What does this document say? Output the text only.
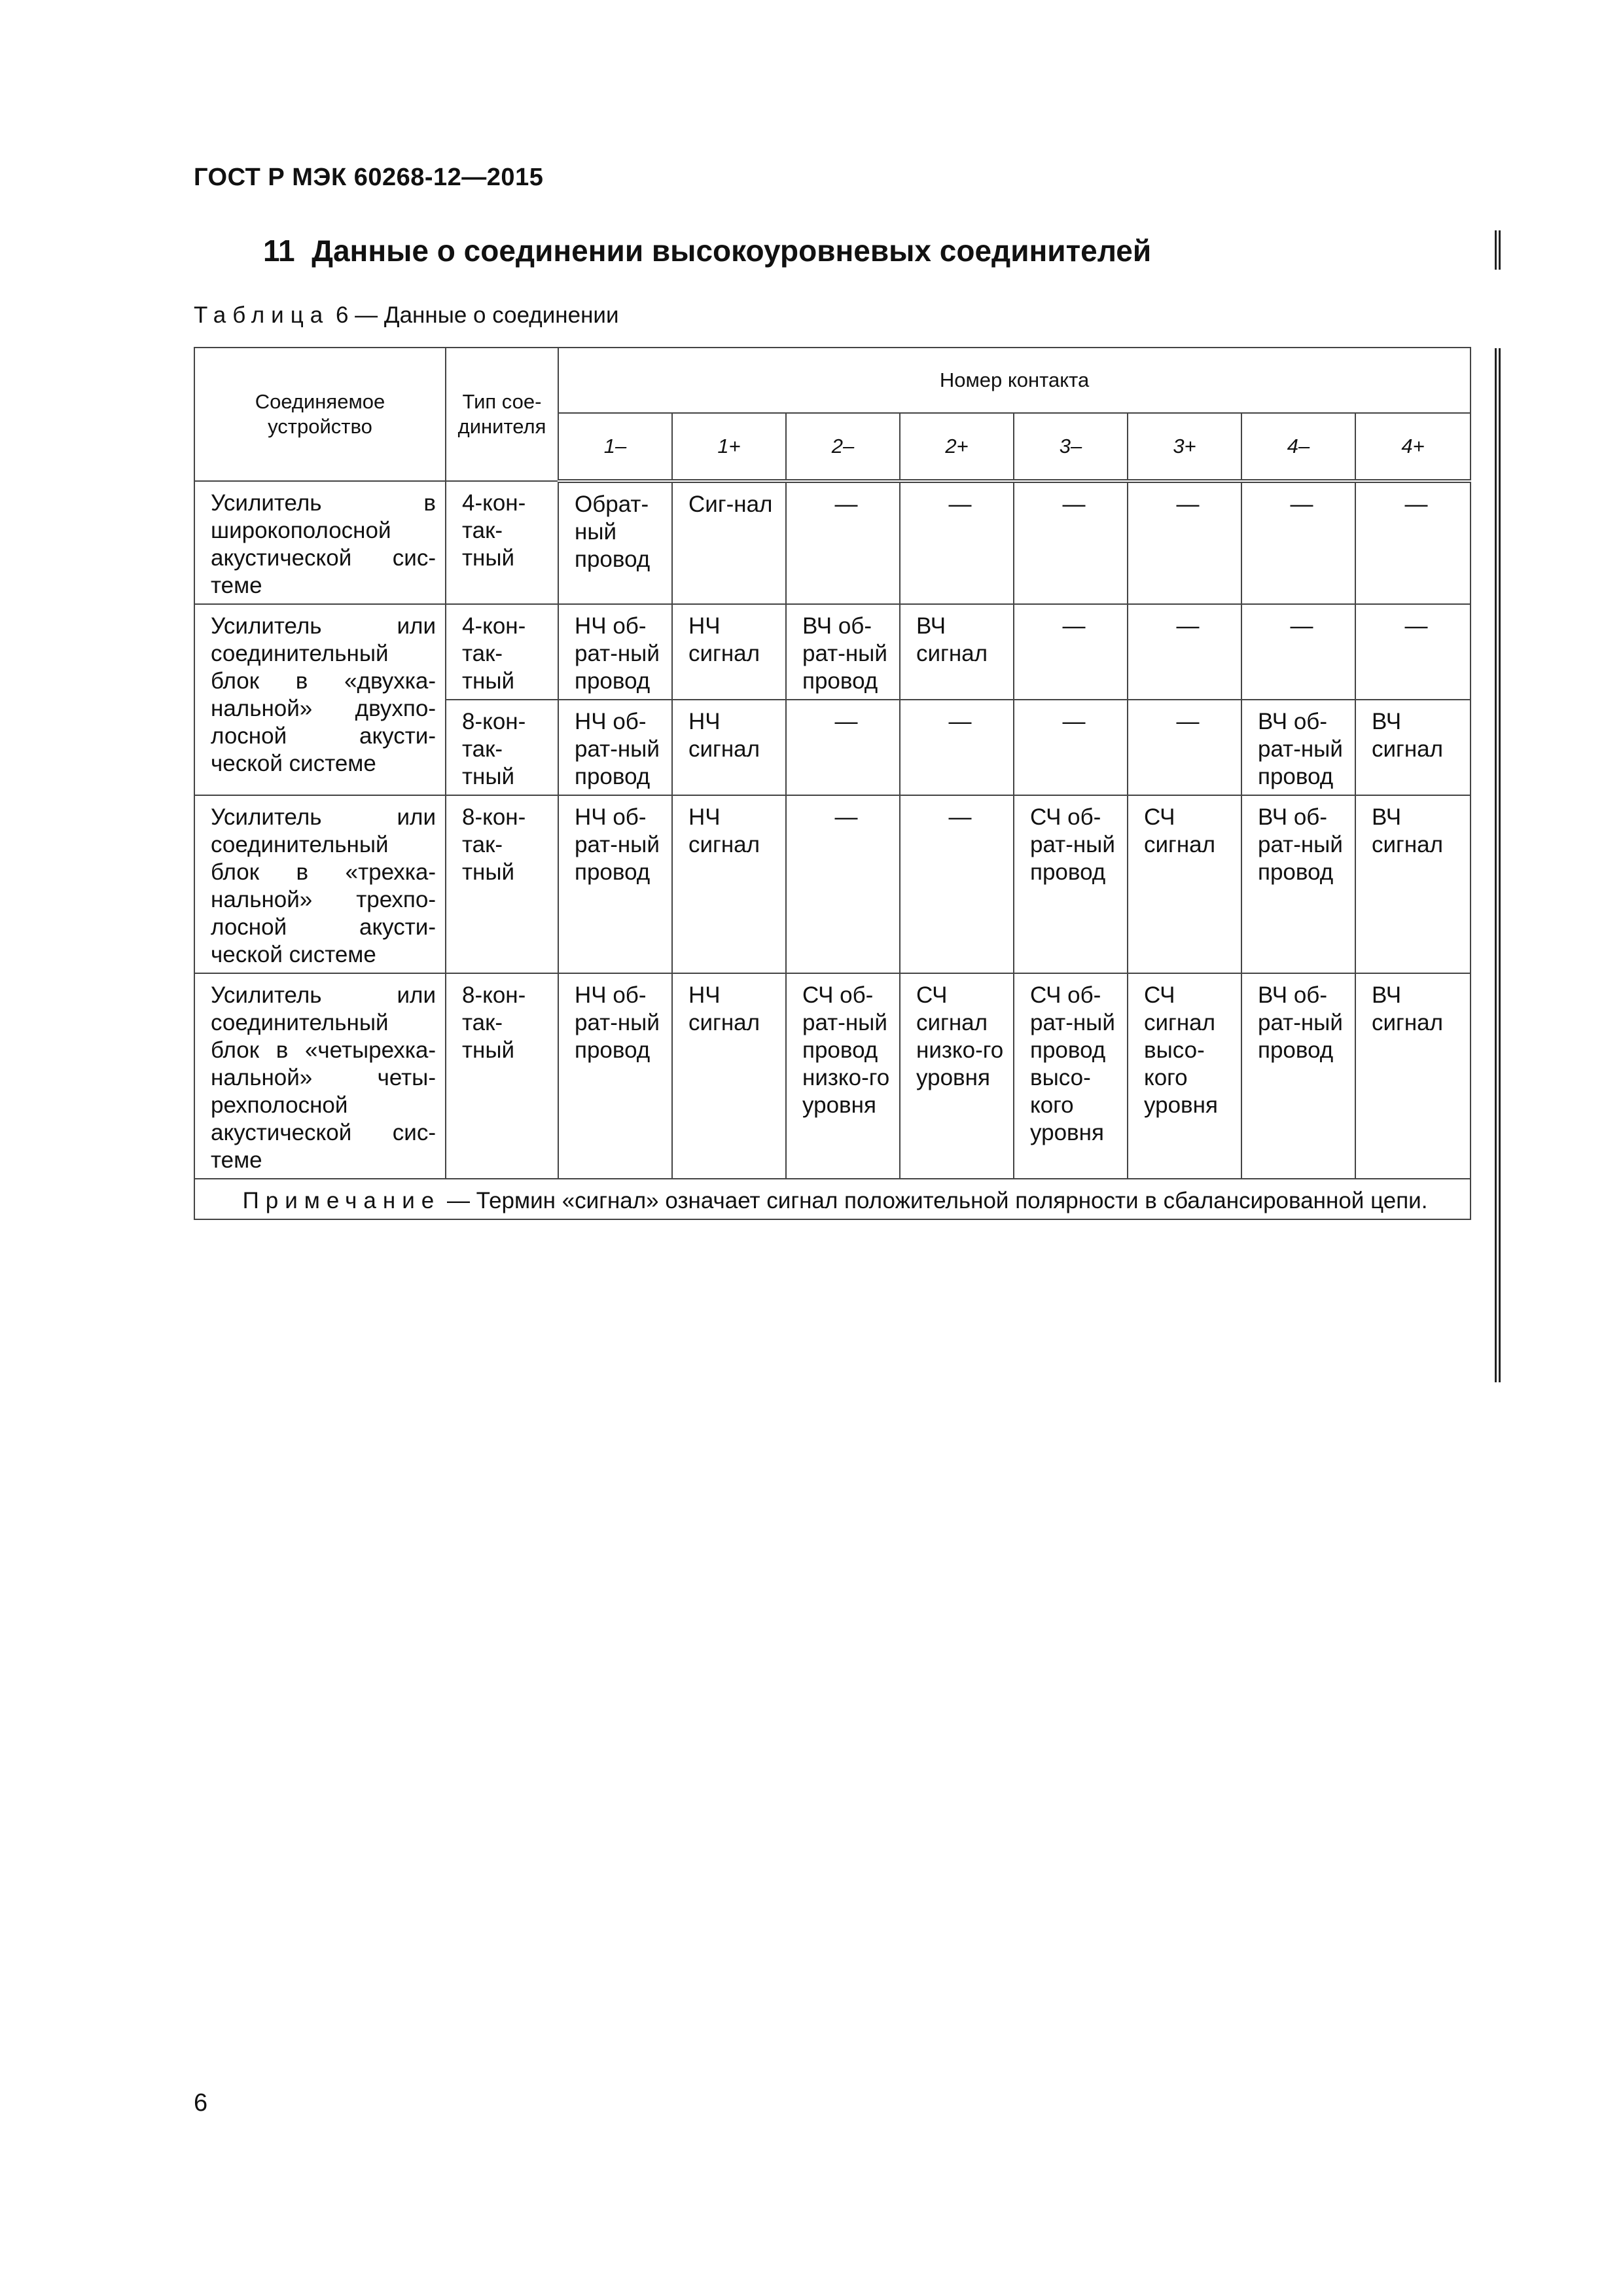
ГОСТ Р МЭК 60268-12—2015
11 Данные о соединении высокоуровневых соединителей
Таблица 6 — Данные о соединении
Соединяемое устройство	Тип сое-динителя	Номер контакта							
		1–	1+	2–	2+	3–	3+	4–	4+
Усилитель в широкополосной акустической сис-теме	4-кон-так-тный	Обрат-ный провод	Сиг-нал	—	—	—	—	—	—
Усилитель или соединительный блок в «двухка-нальной» двухпо-лосной акусти-ческой системе	4-кон-так-тный	НЧ об-рат-ный провод	НЧ сигнал	ВЧ об-рат-ный провод	ВЧ сигнал	—	—	—	—
	8-кон-так-тный	НЧ об-рат-ный провод	НЧ сигнал	—	—	—	—	ВЧ об-рат-ный провод	ВЧ сигнал
Усилитель или соединительный блок в «трехка-нальной» трехпо-лосной акусти-ческой системе	8-кон-так-тный	НЧ об-рат-ный провод	НЧ сигнал	—	—	СЧ об-рат-ный провод	СЧ сигнал	ВЧ об-рат-ный провод	ВЧ сигнал
Усилитель или соединительный блок в «четырехка-нальной» четы-рехполосной акустической сис-теме	8-кон-так-тный	НЧ об-рат-ный провод	НЧ сигнал	СЧ об-рат-ный провод низко-го уровня	СЧ сигнал низко-го уровня	СЧ об-рат-ный провод высо-кого уровня	СЧ сигнал высо-кого уровня	ВЧ об-рат-ный провод	ВЧ сигнал
Примечание — Термин «сигнал» означает сигнал положительной полярности в сбалансированной цепи.									
6
